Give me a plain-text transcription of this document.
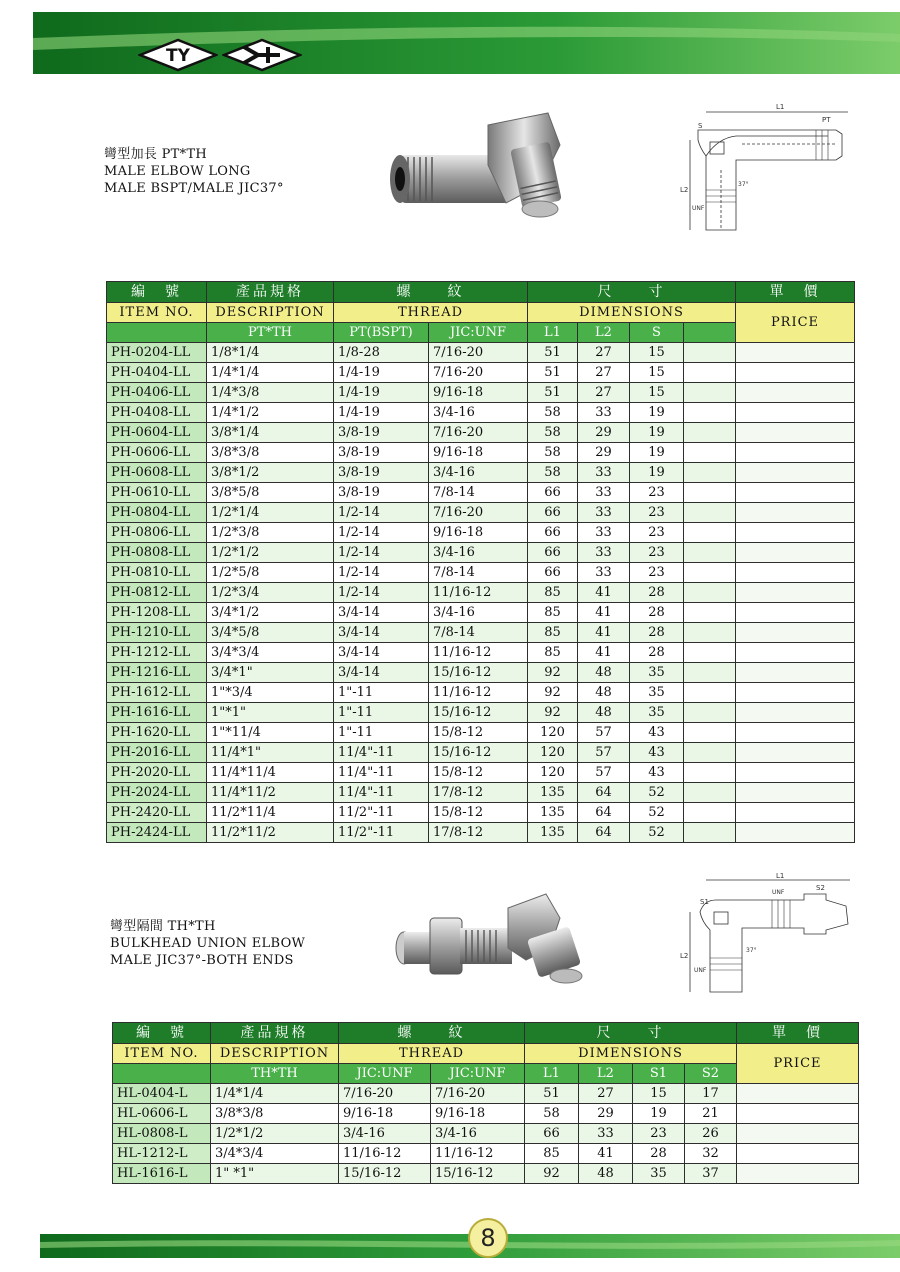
TY
K
彎型加長 PT*TH
MALE ELBOW LONG
MALE BSPT/MALE JIC37°
L1
PT
S
L2
UNF
37°
編　號	產品規格	螺　　紋		尺　　寸				單　價
ITEM NO.	DESCRIPTION	THREAD		DIMENSIONS				PRICE
	PT*TH	PT(BSPT)	JIC:UNF	L1	L2	S		
PH-0204-LL	1/8*1/4	1/8-28	7/16-20	51	27	15		
PH-0404-LL	1/4*1/4	1/4-19	7/16-20	51	27	15		
PH-0406-LL	1/4*3/8	1/4-19	9/16-18	51	27	15		
PH-0408-LL	1/4*1/2	1/4-19	3/4-16	58	33	19		
PH-0604-LL	3/8*1/4	3/8-19	7/16-20	58	29	19		
PH-0606-LL	3/8*3/8	3/8-19	9/16-18	58	29	19		
PH-0608-LL	3/8*1/2	3/8-19	3/4-16	58	33	19		
PH-0610-LL	3/8*5/8	3/8-19	7/8-14	66	33	23		
PH-0804-LL	1/2*1/4	1/2-14	7/16-20	66	33	23		
PH-0806-LL	1/2*3/8	1/2-14	9/16-18	66	33	23		
PH-0808-LL	1/2*1/2	1/2-14	3/4-16	66	33	23		
PH-0810-LL	1/2*5/8	1/2-14	7/8-14	66	33	23		
PH-0812-LL	1/2*3/4	1/2-14	11/16-12	85	41	28		
PH-1208-LL	3/4*1/2	3/4-14	3/4-16	85	41	28		
PH-1210-LL	3/4*5/8	3/4-14	7/8-14	85	41	28		
PH-1212-LL	3/4*3/4	3/4-14	11/16-12	85	41	28		
PH-1216-LL	3/4*1"	3/4-14	15/16-12	92	48	35		
PH-1612-LL	1"*3/4	1"-11	11/16-12	92	48	35		
PH-1616-LL	1"*1"	1"-11	15/16-12	92	48	35		
PH-1620-LL	1"*11/4	1"-11	15/8-12	120	57	43		
PH-2016-LL	11/4*1"	11/4"-11	15/16-12	120	57	43		
PH-2020-LL	11/4*11/4	11/4"-11	15/8-12	120	57	43		
PH-2024-LL	11/4*11/2	11/4"-11	17/8-12	135	64	52		
PH-2420-LL	11/2*11/4	11/2"-11	15/8-12	135	64	52		
PH-2424-LL	11/2*11/2	11/2"-11	17/8-12	135	64	52		
彎型隔間 TH*TH
BULKHEAD UNION ELBOW
MALE JIC37°-BOTH ENDS
L1
S2
S1
UNF
L2
UNF
37°
編　號	產品規格	螺　　紋		尺　　寸				單　價
ITEM NO.	DESCRIPTION	THREAD		DIMENSIONS				PRICE
	TH*TH	JIC:UNF	JIC:UNF	L1	L2	S1	S2	
HL-0404-L	1/4*1/4	7/16-20	7/16-20	51	27	15	17	
HL-0606-L	3/8*3/8	9/16-18	9/16-18	58	29	19	21	
HL-0808-L	1/2*1/2	3/4-16	3/4-16	66	33	23	26	
HL-1212-L	3/4*3/4	11/16-12	11/16-12	85	41	28	32	
HL-1616-L	1" *1"	15/16-12	15/16-12	92	48	35	37	
8
